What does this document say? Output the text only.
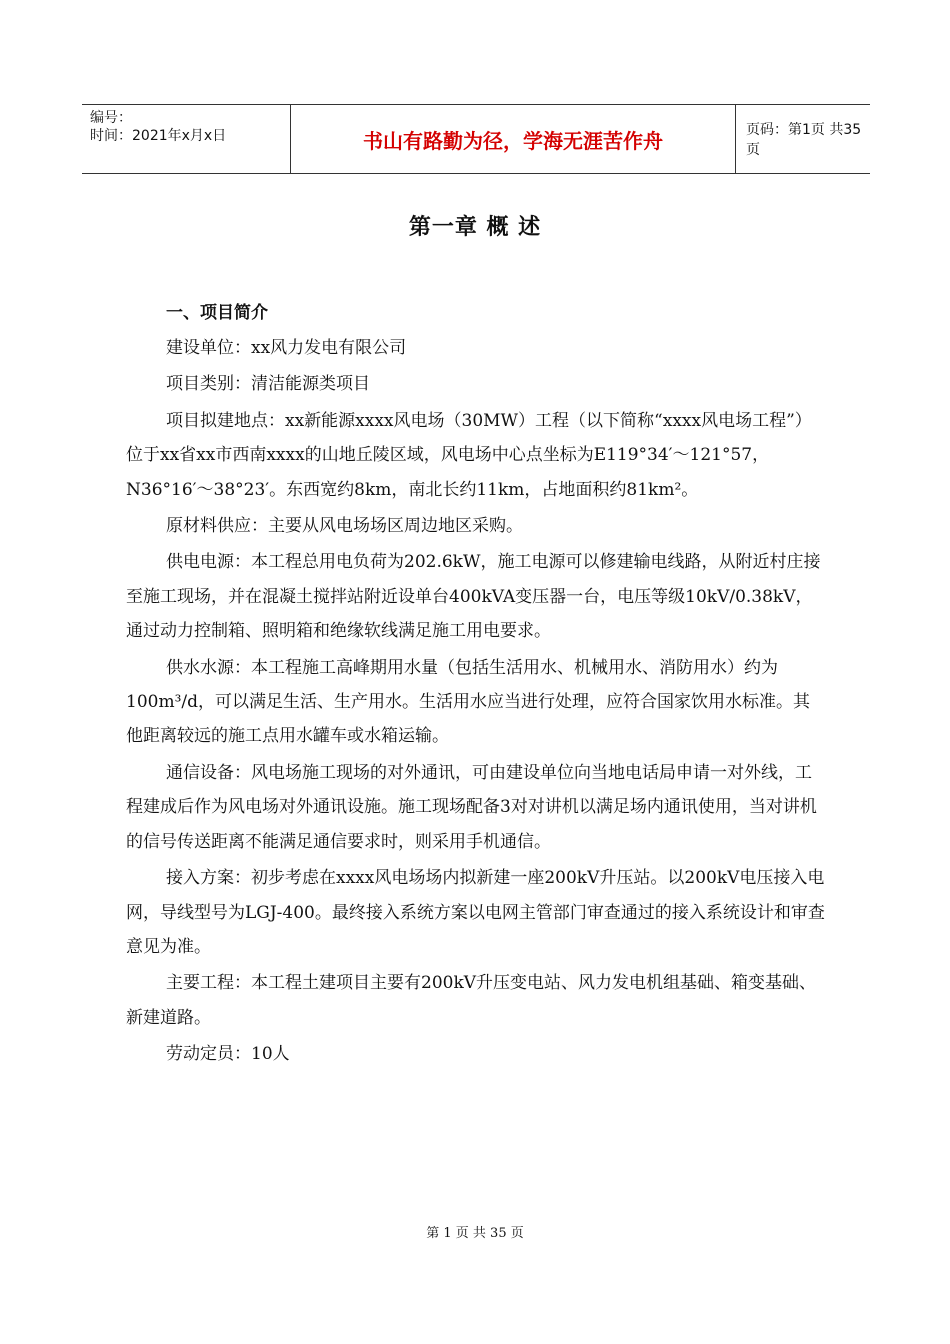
编号：
时间：2021年x月x日	书山有路勤为径，学海无涯苦作舟	页码：第1页 共35页
第一章 概 述
一、项目简介

建设单位：xx风力发电有限公司

项目类别：清洁能源类项目

项目拟建地点：xx新能源xxxx风电场（30MW）工程（以下简称“xxxx风电场工程”）位于xx省xx市西南xxxx的山地丘陵区域，风电场中心点坐标为E119°34′～121°57，N36°16′～38°23′。东西宽约8km，南北长约11km，占地面积约81km²。

原材料供应：主要从风电场场区周边地区采购。

供电电源：本工程总用电负荷为202.6kW，施工电源可以修建输电线路，从附近村庄接至施工现场，并在混凝土搅拌站附近设单台400kVA变压器一台，电压等级10kV/0.38kV，通过动力控制箱、照明箱和绝缘软线满足施工用电要求。

供水水源：本工程施工高峰期用水量（包括生活用水、机械用水、消防用水）约为100m³/d，可以满足生活、生产用水。生活用水应当进行处理，应符合国家饮用水标准。其他距离较远的施工点用水罐车或水箱运输。

通信设备：风电场施工现场的对外通讯，可由建设单位向当地电话局申请一对外线，工程建成后作为风电场对外通讯设施。施工现场配备3对对讲机以满足场内通讯使用，当对讲机的信号传送距离不能满足通信要求时，则采用手机通信。

接入方案：初步考虑在xxxx风电场场内拟新建一座200kV升压站。以200kV电压接入电网，导线型号为LGJ-400。最终接入系统方案以电网主管部门审查通过的接入系统设计和审查意见为准。

主要工程：本工程土建项目主要有200kV升压变电站、风力发电机组基础、箱变基础、新建道路。

劳动定员：10人

第 1 页 共 35 页
